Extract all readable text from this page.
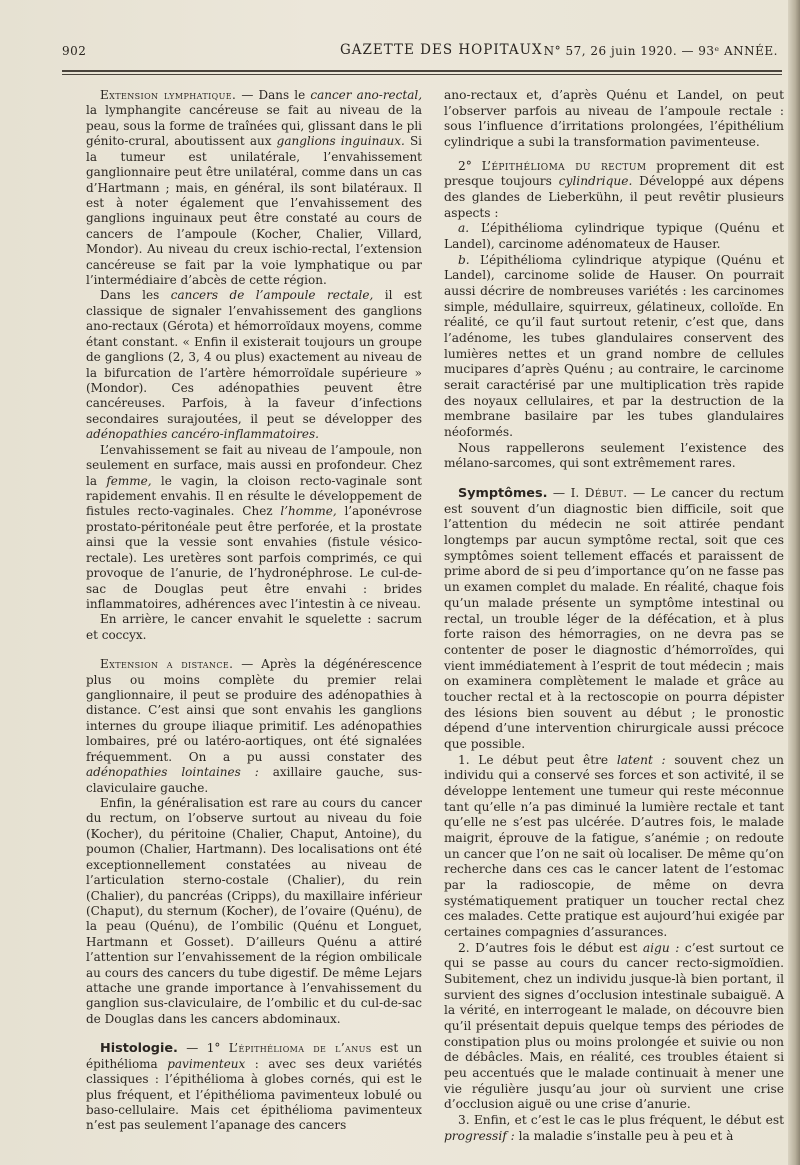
902	GAZETTE DES HOPITAUX N° 57, 26 juin 1920. — 93ᵉ ANNÉE.

Extension lymphatique. — Dans le cancer ano-rectal, la lymphangite cancéreuse se fait au niveau de la peau, sous la forme de traînées qui, glissant dans le pli génito-crural, aboutissent aux ganglions inguinaux. Si la tumeur est unilatérale, l’envahissement ganglionnaire peut être unilatéral, comme dans un cas d’Hartmann ; mais, en général, ils sont bilatéraux. Il est à noter également que l’envahissement des ganglions inguinaux peut être constaté au cours de cancers de l’ampoule (Kocher, Chalier, Villard, Mondor). Au niveau du creux ischio-rectal, l’extension cancéreuse se fait par la voie lymphatique ou par l’intermédiaire d’abcès de cette région.

Dans les cancers de l’ampoule rectale, il est classique de signaler l’envahissement des ganglions ano-rectaux (Gérota) et hémorroïdaux moyens, comme étant constant. « Enfin il existerait toujours un groupe de ganglions (2, 3, 4 ou plus) exactement au niveau de la bifurcation de l’artère hémorroïdale supérieure » (Mondor). Ces adénopathies peuvent être cancéreuses. Parfois, à la faveur d’infections secondaires surajoutées, il peut se développer des adénopathies cancéro-inflammatoires.

L’envahissement se fait au niveau de l’ampoule, non seulement en surface, mais aussi en profondeur. Chez la femme, le vagin, la cloison recto-vaginale sont rapidement envahis. Il en résulte le développement de fistules recto-vaginales. Chez l’homme, l’aponévrose prostato-péritonéale peut être perforée, et la prostate ainsi que la vessie sont envahies (fistule vésico-rectale). Les uretères sont parfois comprimés, ce qui provoque de l’anurie, de l’hydronéphrose. Le cul-de-sac de Douglas peut être envahi : brides inflammatoires, adhérences avec l’intestin à ce niveau.

En arrière, le cancer envahit le squelette : sacrum et coccyx.

Extension a distance. — Après la dégénérescence plus ou moins complète du premier relai ganglionnaire, il peut se produire des adénopathies à distance. C’est ainsi que sont envahis les ganglions internes du groupe iliaque primitif. Les adénopathies lombaires, pré ou latéro-aortiques, ont été signalées fréquemment. On a pu aussi constater des adénopathies lointaines : axillaire gauche, sus-claviculaire gauche.

Enfin, la généralisation est rare au cours du cancer du rectum, on l’observe surtout au niveau du foie (Kocher), du péritoine (Chalier, Chaput, Antoine), du poumon (Chalier, Hartmann). Des localisations ont été exceptionnellement constatées au niveau de l’articulation sterno-costale (Chalier), du rein (Chalier), du pancréas (Cripps), du maxillaire inférieur (Chaput), du sternum (Kocher), de l’ovaire (Quénu), de la peau (Quénu), de l’ombilic (Quénu et Longuet, Hartmann et Gosset). D’ailleurs Quénu a attiré l’attention sur l’envahissement de la région ombilicale au cours des cancers du tube digestif. De même Lejars attache une grande importance à l’envahissement du ganglion sus-claviculaire, de l’ombilic et du cul-de-sac de Douglas dans les cancers abdominaux.

Histologie. — 1° L’épithélioma de l’anus est un épithélioma pavimenteux : avec ses deux variétés classiques : l’épithélioma à globes cornés, qui est le plus fréquent, et l’épithélioma pavimenteux lobulé ou baso-cellulaire. Mais cet épithélioma pavimenteux n’est pas seulement l’apanage des cancers

ano-rectaux et, d’après Quénu et Landel, on peut l’observer parfois au niveau de l’ampoule rectale : sous l’influence d’irritations prolongées, l’épithélium cylindrique a subi la transformation pavimenteuse.

2° L’épithélioma du rectum proprement dit est presque toujours cylindrique. Développé aux dépens des glandes de Lieberkühn, il peut revêtir plusieurs aspects :

a. L’épithélioma cylindrique typique (Quénu et Landel), carcinome adénomateux de Hauser.

b. L’épithélioma cylindrique atypique (Quénu et Landel), carcinome solide de Hauser. On pourrait aussi décrire de nombreuses variétés : les carcinomes simple, médullaire, squirreux, gélatineux, colloïde. En réalité, ce qu’il faut surtout retenir, c’est que, dans l’adénome, les tubes glandulaires conservent des lumières nettes et un grand nombre de cellules mucipares d’après Quénu ; au contraire, le carcinome serait caractérisé par une multiplication très rapide des noyaux cellulaires, et par la destruction de la membrane basilaire par les tubes glandulaires néoformés.

Nous rappellerons seulement l’existence des mélano-sarcomes, qui sont extrêmement rares.

Symptômes. — I. Début. — Le cancer du rectum est souvent d’un diagnostic bien difficile, soit que l’attention du médecin ne soit attirée pendant longtemps par aucun symptôme rectal, soit que ces symptômes soient tellement effacés et paraissent de prime abord de si peu d’importance qu’on ne fasse pas un examen complet du malade. En réalité, chaque fois qu’un malade présente un symptôme intestinal ou rectal, un trouble léger de la défécation, et à plus forte raison des hémorragies, on ne devra pas se contenter de poser le diagnostic d’hémorroïdes, qui vient immédiatement à l’esprit de tout médecin ; mais on examinera complètement le malade et grâce au toucher rectal et à la rectoscopie on pourra dépister des lésions bien souvent au début ; le pronostic dépend d’une intervention chirurgicale aussi précoce que possible.

1. Le début peut être latent : souvent chez un individu qui a conservé ses forces et son activité, il se développe lentement une tumeur qui reste méconnue tant qu’elle n’a pas diminué la lumière rectale et tant qu’elle ne s’est pas ulcérée. D’autres fois, le malade maigrit, éprouve de la fatigue, s’anémie ; on redoute un cancer que l’on ne sait où localiser. De même qu’on recherche dans ces cas le cancer latent de l’estomac par la radioscopie, de même on devra systématiquement pratiquer un toucher rectal chez ces malades. Cette pratique est aujourd’hui exigée par certaines compagnies d’assurances.

2. D’autres fois le début est aigu : c’est surtout ce qui se passe au cours du cancer recto-sigmoïdien. Subitement, chez un individu jusque-là bien portant, il survient des signes d’occlusion intestinale subaiguë. A la vérité, en interrogeant le malade, on découvre bien qu’il présentait depuis quelque temps des périodes de constipation plus ou moins prolongée et suivie ou non de débâcles. Mais, en réalité, ces troubles étaient si peu accentués que le malade continuait à mener une vie régulière jusqu’au jour où survient une crise d’occlusion aiguë ou une crise d’anurie.

3. Enfin, et c’est le cas le plus fréquent, le début est progressif : la maladie s’installe peu à peu et à
